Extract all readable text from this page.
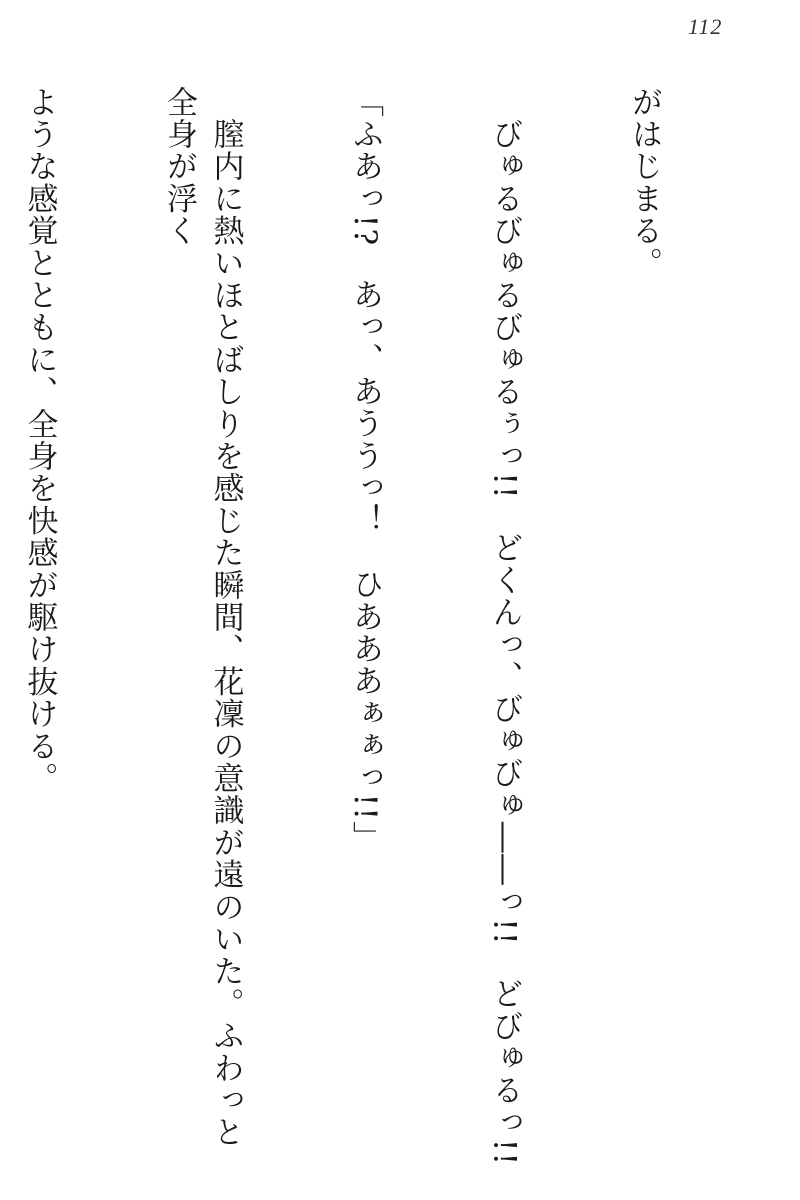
112

がはじまる。

　びゅるびゅるびゅるぅっ!!　どくんっ、びゅびゅ――っ!!　どびゅるっ!!

「ふあっ!?　あっ、あううっ！　ひあああぁぁっ!!」

　膣内に熱いほとばしりを感じた瞬間、花凜の意識が遠のいた。ふわっと全身が浮く

ような感覚とともに、全身を快感が駆け抜ける。
